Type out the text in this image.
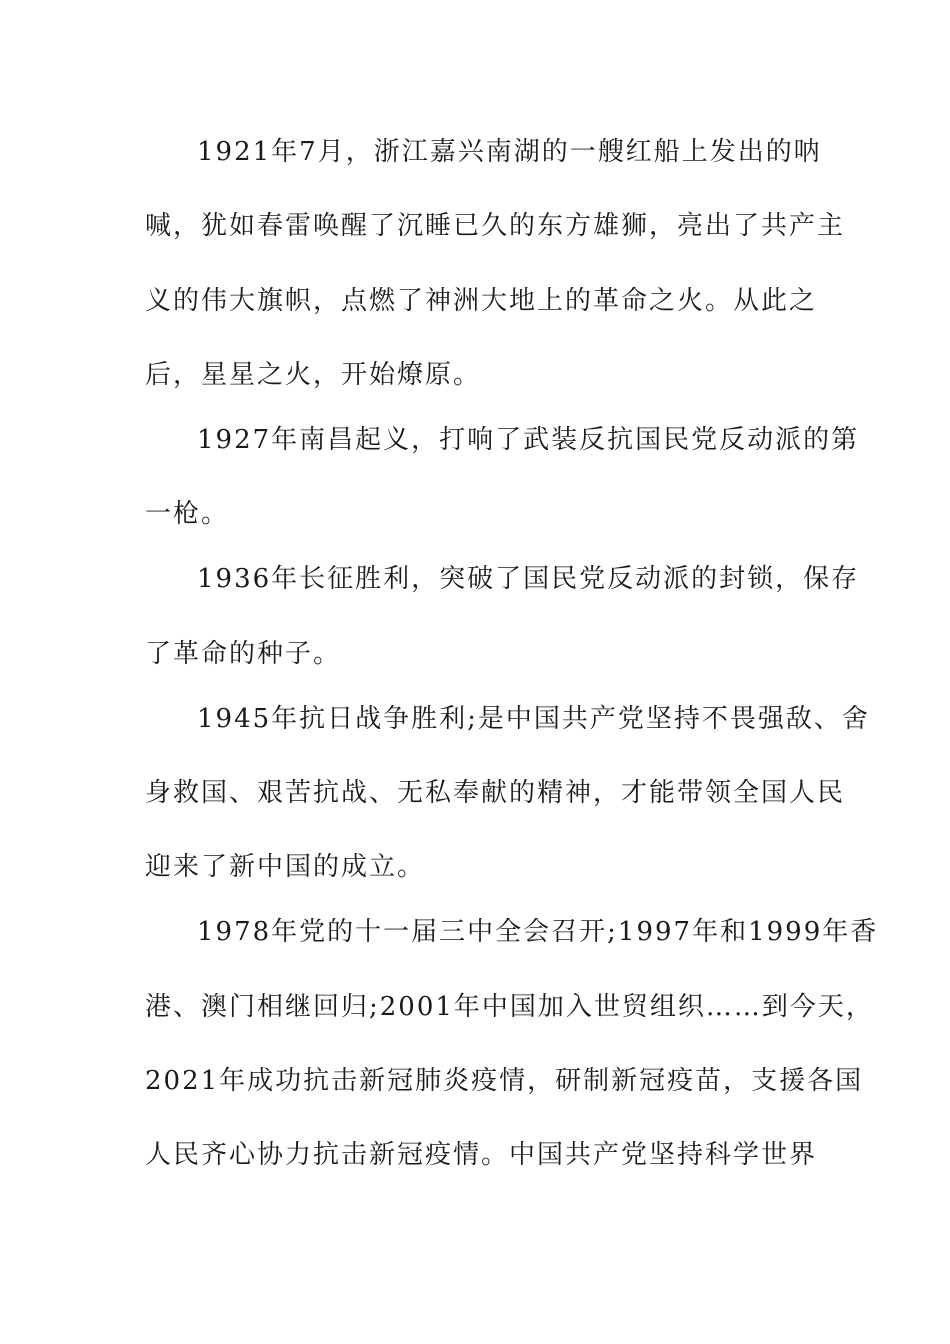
1921年7月，浙江嘉兴南湖的一艘红船上发出的呐
喊，犹如春雷唤醒了沉睡已久的东方雄狮，亮出了共产主
义的伟大旗帜，点燃了神洲大地上的革命之火。从此之
后，星星之火，开始燎原。
1927年南昌起义，打响了武装反抗国民党反动派的第
一枪。
1936年长征胜利，突破了国民党反动派的封锁，保存
了革命的种子。
1945年抗日战争胜利;是中国共产党坚持不畏强敌、舍
身救国、艰苦抗战、无私奉献的精神，才能带领全国人民
迎来了新中国的成立。
1978年党的十一届三中全会召开;1997年和1999年香
港、澳门相继回归;2001年中国加入世贸组织……到今天，
2021年成功抗击新冠肺炎疫情，研制新冠疫苗，支援各国
人民齐心协力抗击新冠疫情。中国共产党坚持科学世界
